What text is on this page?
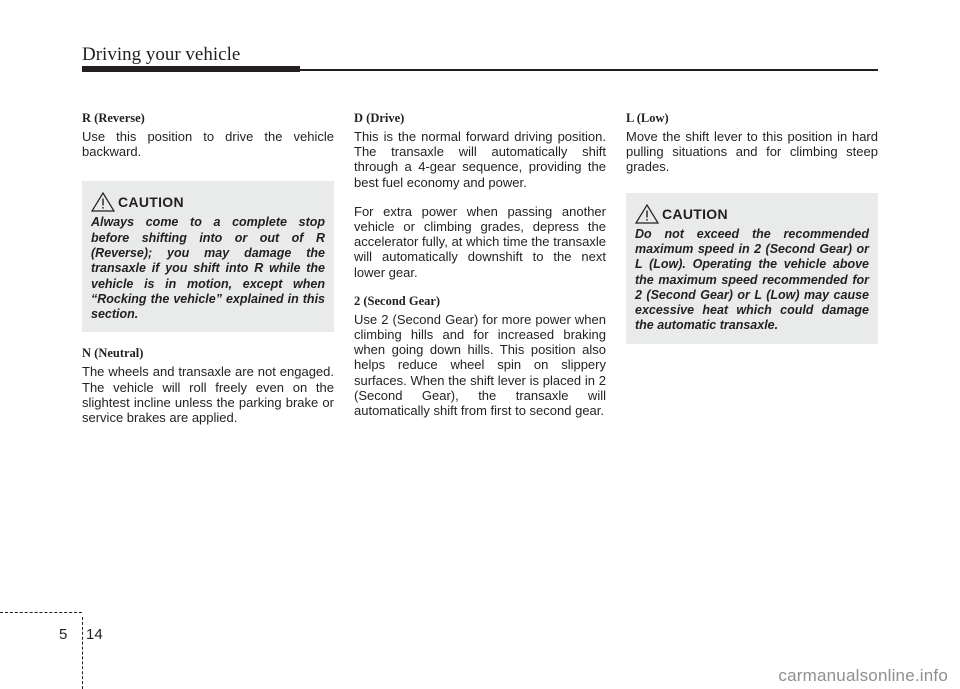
Driving your vehicle

R (Reverse)

Use this position to drive the vehicle backward.

CAUTION

Always come to a complete stop before shifting into or out of R (Reverse); you may damage the transaxle if you shift into R while the vehicle is in motion, except when “Rocking the vehicle” explained in this section.

N (Neutral)

The wheels and transaxle are not engaged. The vehicle will roll freely even on the slightest incline unless the parking brake or service brakes are applied.

D (Drive)

This is the normal forward driving position. The transaxle will automatically shift through a 4-gear sequence, providing the best fuel economy and power.

For extra power when passing another vehicle or climbing grades, depress the accelerator fully, at which time the transaxle will automatically downshift to the next lower gear.

2 (Second Gear)

Use 2 (Second Gear) for more power when climbing hills and for increased braking when going down hills. This position also helps reduce wheel spin on slippery surfaces. When the shift lever is placed in 2 (Second Gear), the transaxle will automatically shift from first to second gear.

L (Low)

Move the shift lever to this position in hard pulling situations and for climbing steep grades.

CAUTION

Do not exceed the recommended maximum speed in 2 (Second Gear) or L (Low). Operating the vehicle above the maximum speed recommended for 2 (Second Gear) or L (Low) may cause excessive heat which could damage the automatic transaxle.

5 14
carmanualsonline.info
